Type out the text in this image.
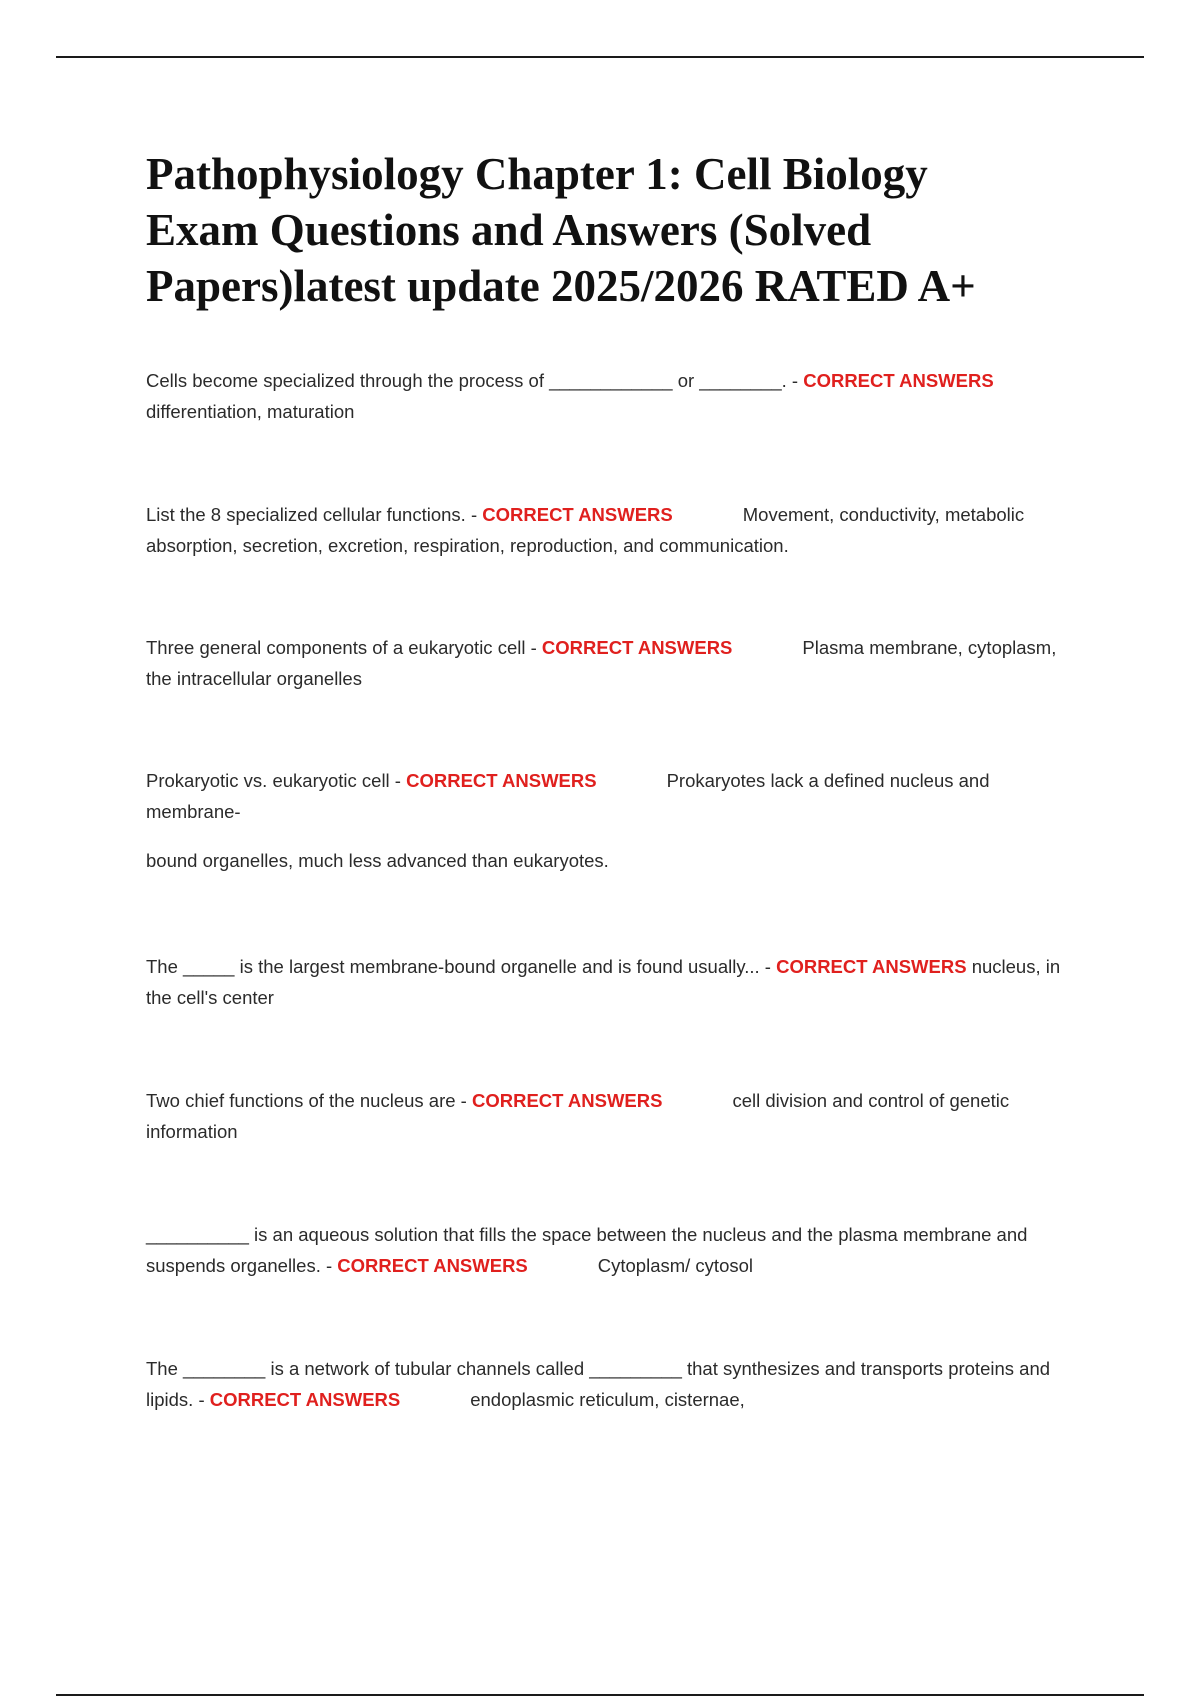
Pathophysiology Chapter 1: Cell Biology
Exam Questions and Answers (Solved
Papers)latest update 2025/2026 RATED A+
Cells become specialized through the process of ____________ or ________. - CORRECT ANSWERS differentiation, maturation
List the 8 specialized cellular functions. - CORRECT ANSWERS	Movement, conductivity, metabolic absorption, secretion, excretion, respiration, reproduction, and communication.
Three general components of a eukaryotic cell - CORRECT ANSWERS	Plasma membrane, cytoplasm, the intracellular organelles
Prokaryotic vs. eukaryotic cell - CORRECT ANSWERS	Prokaryotes lack a defined nucleus and membrane-
bound organelles, much less advanced than eukaryotes.
The _____ is the largest membrane-bound organelle and is found usually... - CORRECT ANSWERS nucleus, in the cell's center
Two chief functions of the nucleus are - CORRECT ANSWERS	cell division and control of genetic information
__________ is an aqueous solution that fills the space between the nucleus and the plasma membrane and suspends organelles. - CORRECT ANSWERS	Cytoplasm/ cytosol
The ________ is a network of tubular channels called _________ that synthesizes and transports proteins and lipids. - CORRECT ANSWERS	endoplasmic reticulum, cisternae,
